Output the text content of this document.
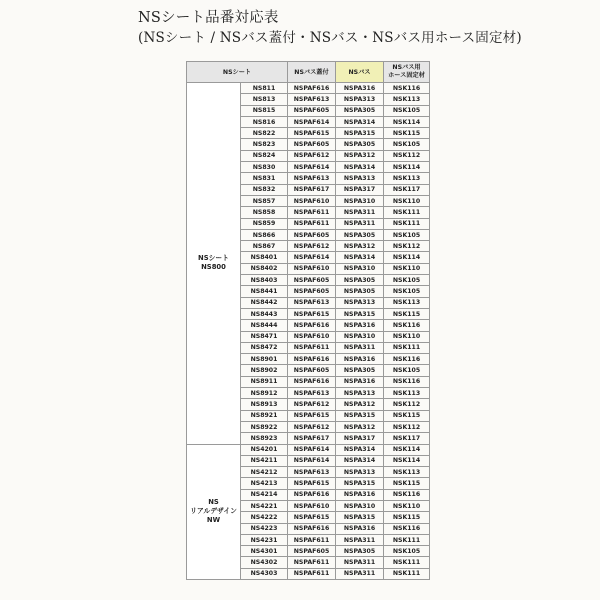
NSシート品番対応表
(NSシート / NSバス蓋付・NSバス・NSバス用ホース固定材)
NSシート		NSバス蓋付	NSバス	NSバス用
ホース固定材
NSシート
NS800	NS811	NSPAF616	NSPA316	NSK116
	NS813	NSPAF613	NSPA313	NSK113
	NS815	NSPAF605	NSPA305	NSK105
	NS816	NSPAF614	NSPA314	NSK114
	NS822	NSPAF615	NSPA315	NSK115
	NS823	NSPAF605	NSPA305	NSK105
	NS824	NSPAF612	NSPA312	NSK112
	NS830	NSPAF614	NSPA314	NSK114
	NS831	NSPAF613	NSPA313	NSK113
	NS832	NSPAF617	NSPA317	NSK117
	NS857	NSPAF610	NSPA310	NSK110
	NS858	NSPAF611	NSPA311	NSK111
	NS859	NSPAF611	NSPA311	NSK111
	NS866	NSPAF605	NSPA305	NSK105
	NS867	NSPAF612	NSPA312	NSK112
	NS8401	NSPAF614	NSPA314	NSK114
	NS8402	NSPAF610	NSPA310	NSK110
	NS8403	NSPAF605	NSPA305	NSK105
	NS8441	NSPAF605	NSPA305	NSK105
	NS8442	NSPAF613	NSPA313	NSK113
	NS8443	NSPAF615	NSPA315	NSK115
	NS8444	NSPAF616	NSPA316	NSK116
	NS8471	NSPAF610	NSPA310	NSK110
	NS8472	NSPAF611	NSPA311	NSK111
	NS8901	NSPAF616	NSPA316	NSK116
	NS8902	NSPAF605	NSPA305	NSK105
	NS8911	NSPAF616	NSPA316	NSK116
	NS8912	NSPAF613	NSPA313	NSK113
	NS8913	NSPAF612	NSPA312	NSK112
	NS8921	NSPAF615	NSPA315	NSK115
	NS8922	NSPAF612	NSPA312	NSK112
	NS8923	NSPAF617	NSPA317	NSK117
NS
リアルデザイン
NW	NS4201	NSPAF614	NSPA314	NSK114
	NS4211	NSPAF614	NSPA314	NSK114
	NS4212	NSPAF613	NSPA313	NSK113
	NS4213	NSPAF615	NSPA315	NSK115
	NS4214	NSPAF616	NSPA316	NSK116
	NS4221	NSPAF610	NSPA310	NSK110
	NS4222	NSPAF615	NSPA315	NSK115
	NS4223	NSPAF616	NSPA316	NSK116
	NS4231	NSPAF611	NSPA311	NSK111
	NS4301	NSPAF605	NSPA305	NSK105
	NS4302	NSPAF611	NSPA311	NSK111
	NS4303	NSPAF611	NSPA311	NSK111
